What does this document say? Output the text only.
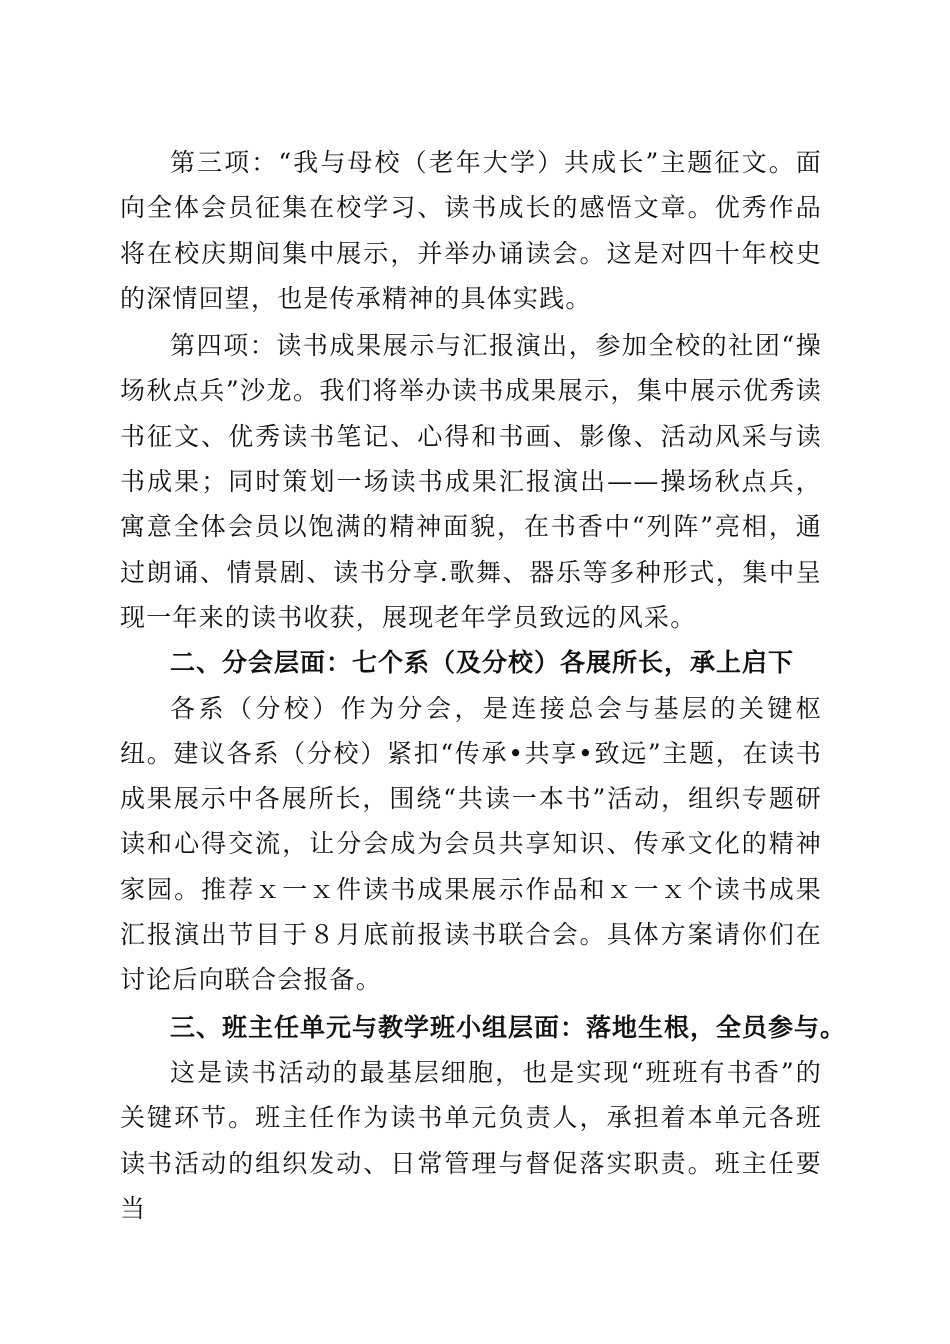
第三项：“我与母校（老年大学）共成长”主题征文。面向全体会员征集在校学习、读书成长的感悟文章。优秀作品将在校庆期间集中展示，并举办诵读会。这是对四十年校史的深情回望，也是传承精神的具体实践。

第四项：读书成果展示与汇报演出，参加全校的社团“操场秋点兵”沙龙。我们将举办读书成果展示，集中展示优秀读书征文、优秀读书笔记、心得和书画、影像、活动风采与读书成果；同时策划一场读书成果汇报演出——操场秋点兵，寓意全体会员以饱满的精神面貌，在书香中“列阵”亮相，通过朗诵、情景剧、读书分享.歌舞、器乐等多种形式，集中呈现一年来的读书收获，展现老年学员致远的风采。

二、分会层面：七个系（及分校）各展所长，承上启下

各系（分校）作为分会，是连接总会与基层的关键枢纽。建议各系（分校）紧扣“传承•共享•致远”主题，在读书成果展示中各展所长，围绕“共读一本书”活动，组织专题研读和心得交流，让分会成为会员共享知识、传承文化的精神家园。推荐ｘ一ｘ件读书成果展示作品和ｘ一ｘ个读书成果汇报演出节目于８月底前报读书联合会。具体方案请你们在讨论后向联合会报备。

三、班主任单元与教学班小组层面：落地生根，全员参与。

这是读书活动的最基层细胞，也是实现“班班有书香”的关键环节。班主任作为读书单元负责人，承担着本单元各班读书活动的组织发动、日常管理与督促落实职责。班主任要当
